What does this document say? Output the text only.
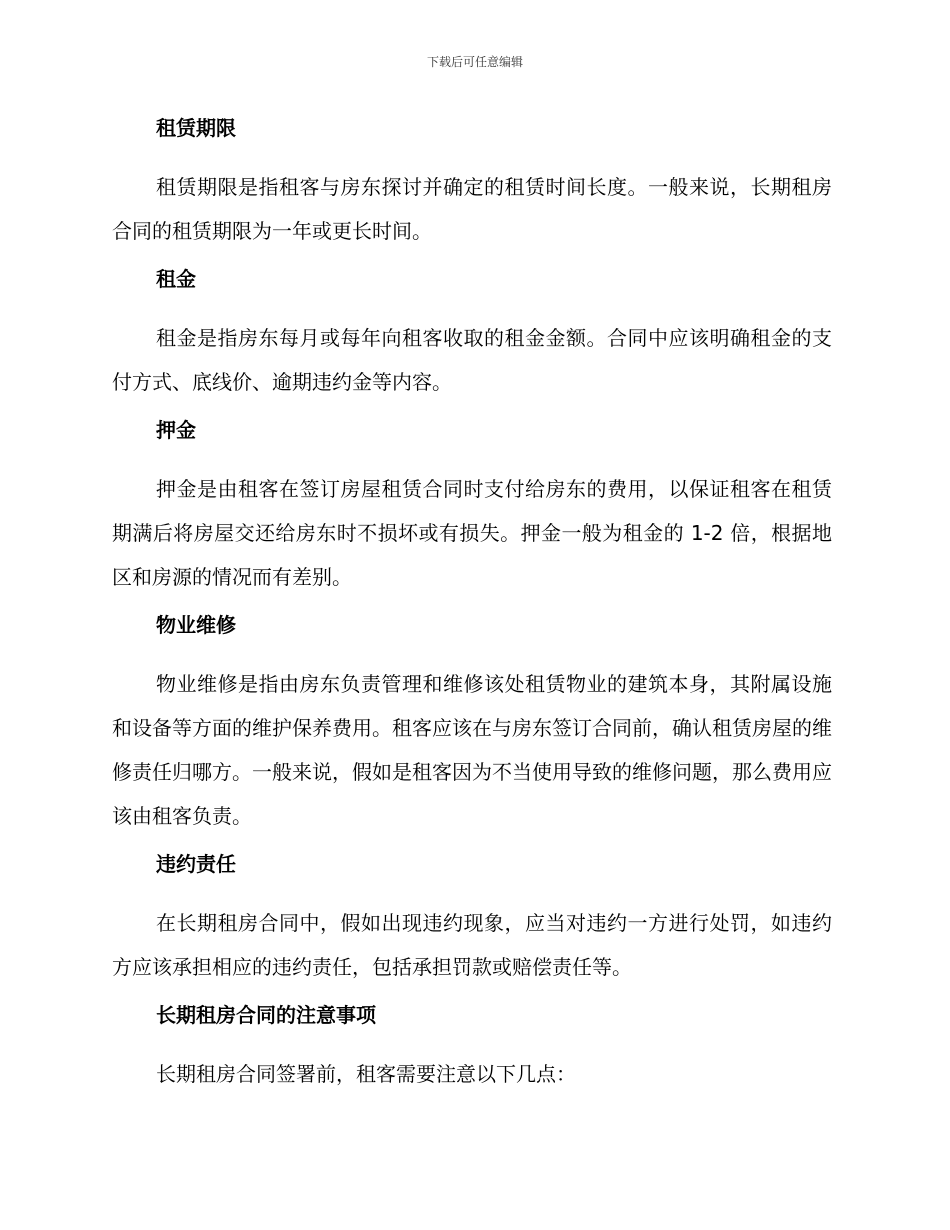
下载后可任意编辑
租赁期限
租赁期限是指租客与房东探讨并确定的租赁时间长度。一般来说，长期租房合同的租赁期限为一年或更长时间。
租金
租金是指房东每月或每年向租客收取的租金金额。合同中应该明确租金的支付方式、底线价、逾期违约金等内容。
押金
押金是由租客在签订房屋租赁合同时支付给房东的费用，以保证租客在租赁期满后将房屋交还给房东时不损坏或有损失。押金一般为租金的 1-2 倍，根据地区和房源的情况而有差别。
物业维修
物业维修是指由房东负责管理和维修该处租赁物业的建筑本身，其附属设施和设备等方面的维护保养费用。租客应该在与房东签订合同前，确认租赁房屋的维修责任归哪方。一般来说，假如是租客因为不当使用导致的维修问题，那么费用应该由租客负责。
违约责任
在长期租房合同中，假如出现违约现象，应当对违约一方进行处罚，如违约方应该承担相应的违约责任，包括承担罚款或赔偿责任等。
长期租房合同的注意事项
长期租房合同签署前，租客需要注意以下几点：
